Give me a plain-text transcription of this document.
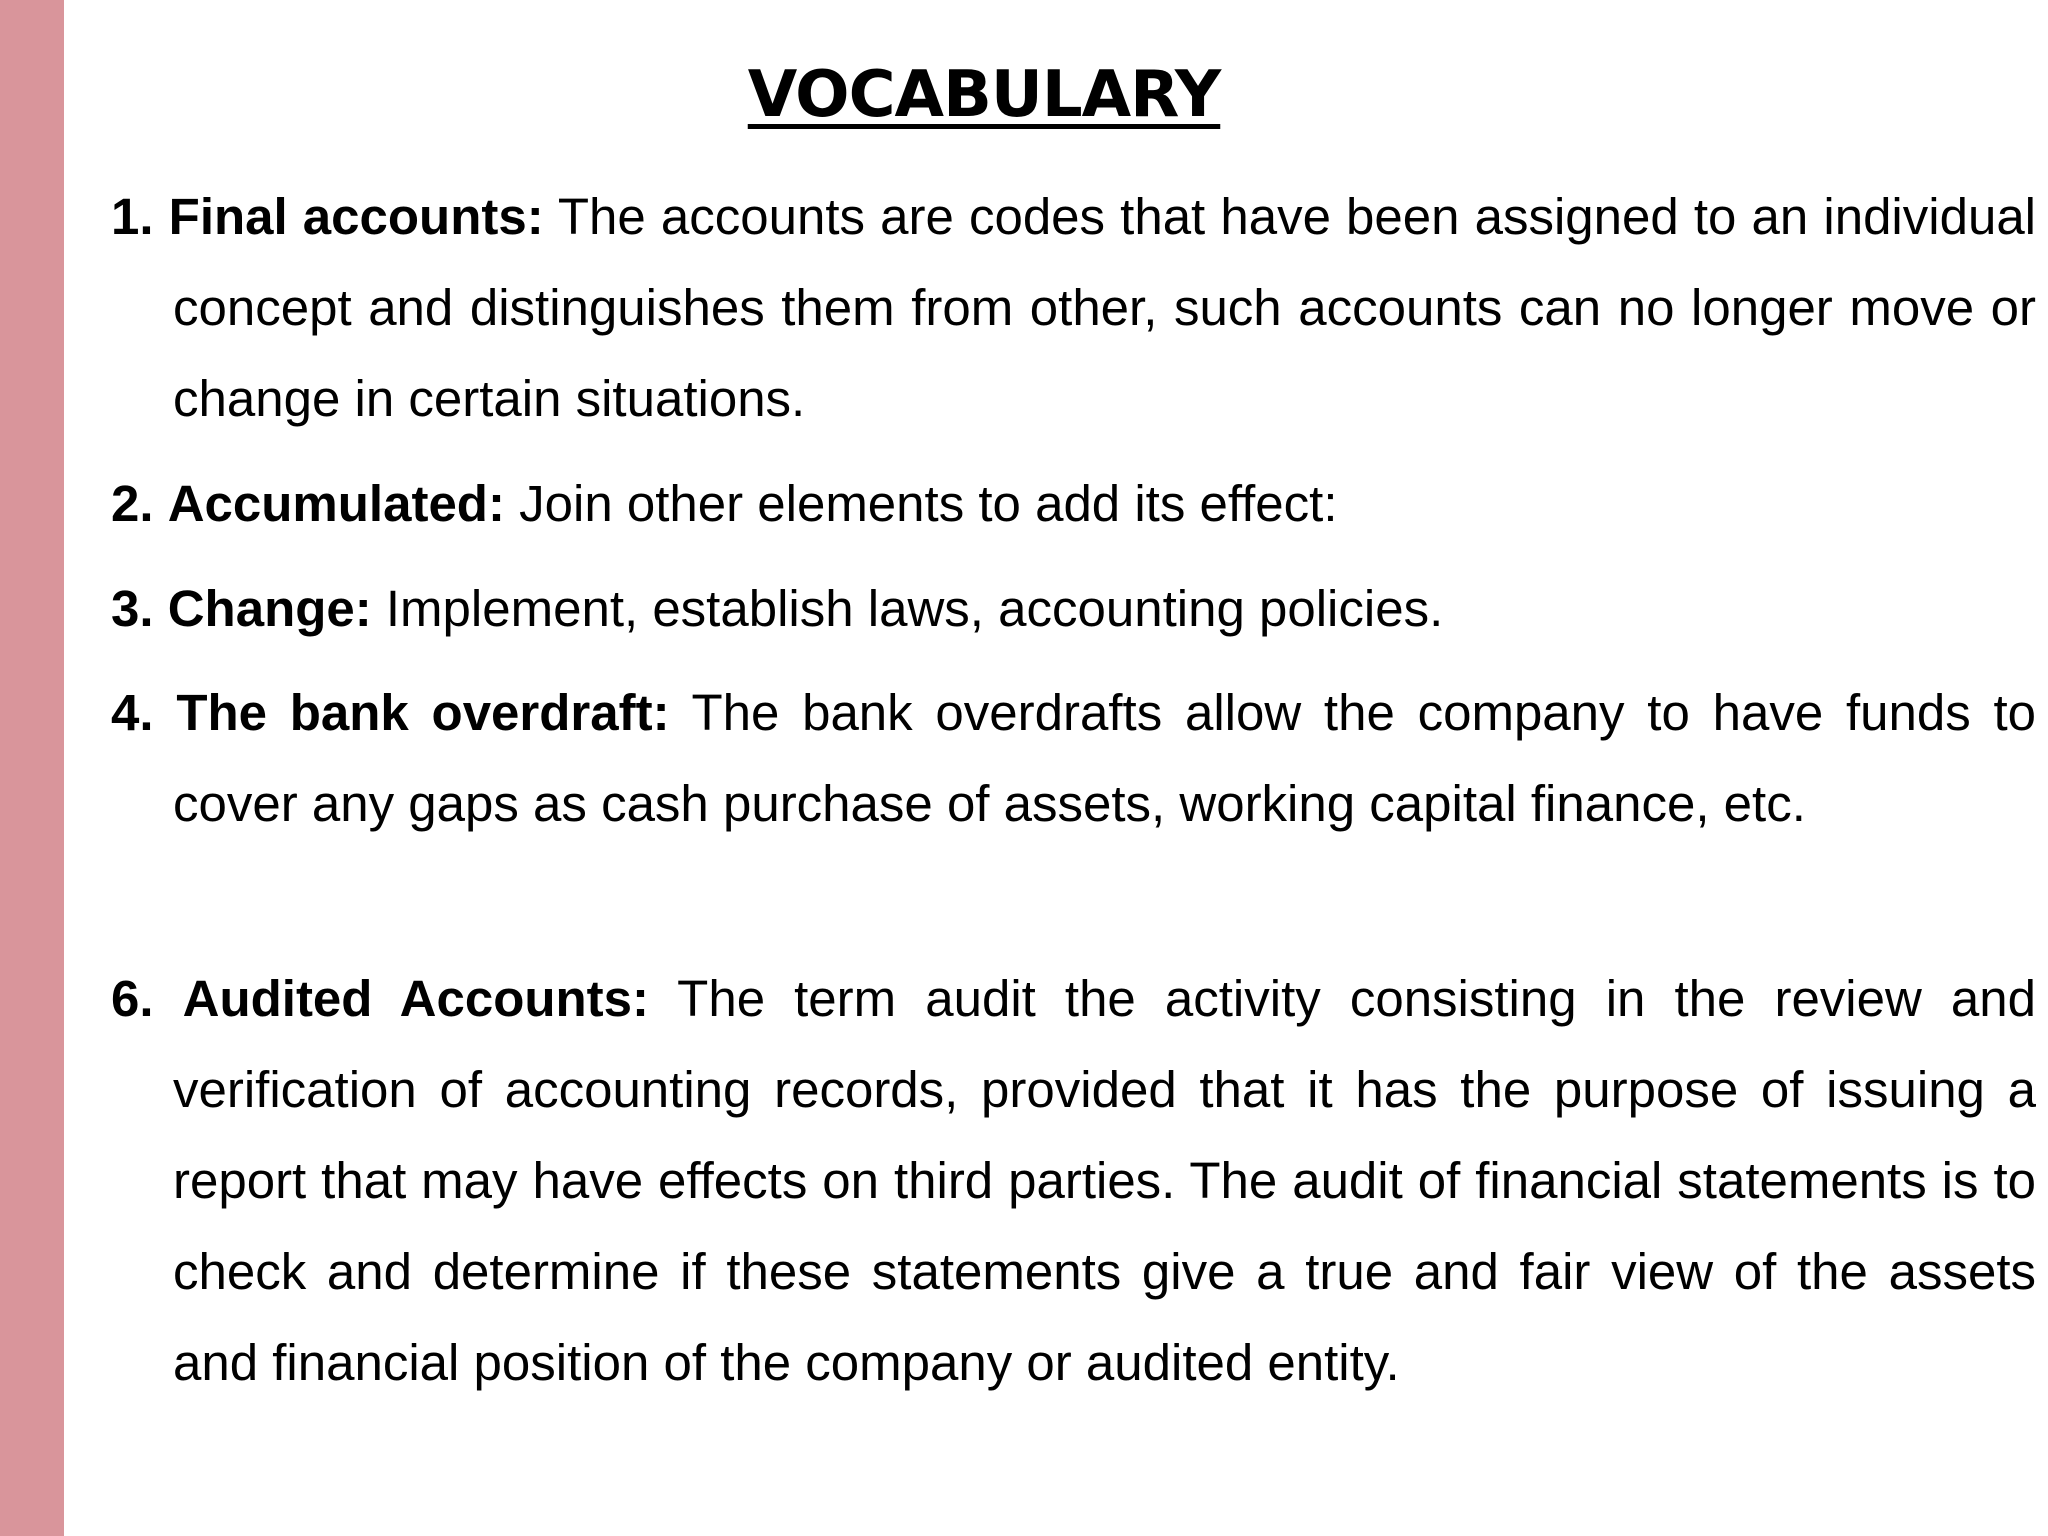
VOCABULARY
1. Final accounts: The accounts are codes that have been assigned to an individual concept and distinguishes them from other, such accounts can no longer move or change in certain situations.
2. Accumulated: Join other elements to add its effect:
3. Change: Implement, establish laws, accounting policies.
4. The bank overdraft: The bank overdrafts allow the company to have funds to cover any gaps as cash purchase of assets, working capital finance, etc.
6. Audited Accounts: The term audit the activity consisting in the review and verification of accounting records, provided that it has the purpose of issuing a report that may have effects on third parties. The audit of financial statements is to check and determine if these statements give a true and fair view of the assets and financial position of the company or audited entity.
